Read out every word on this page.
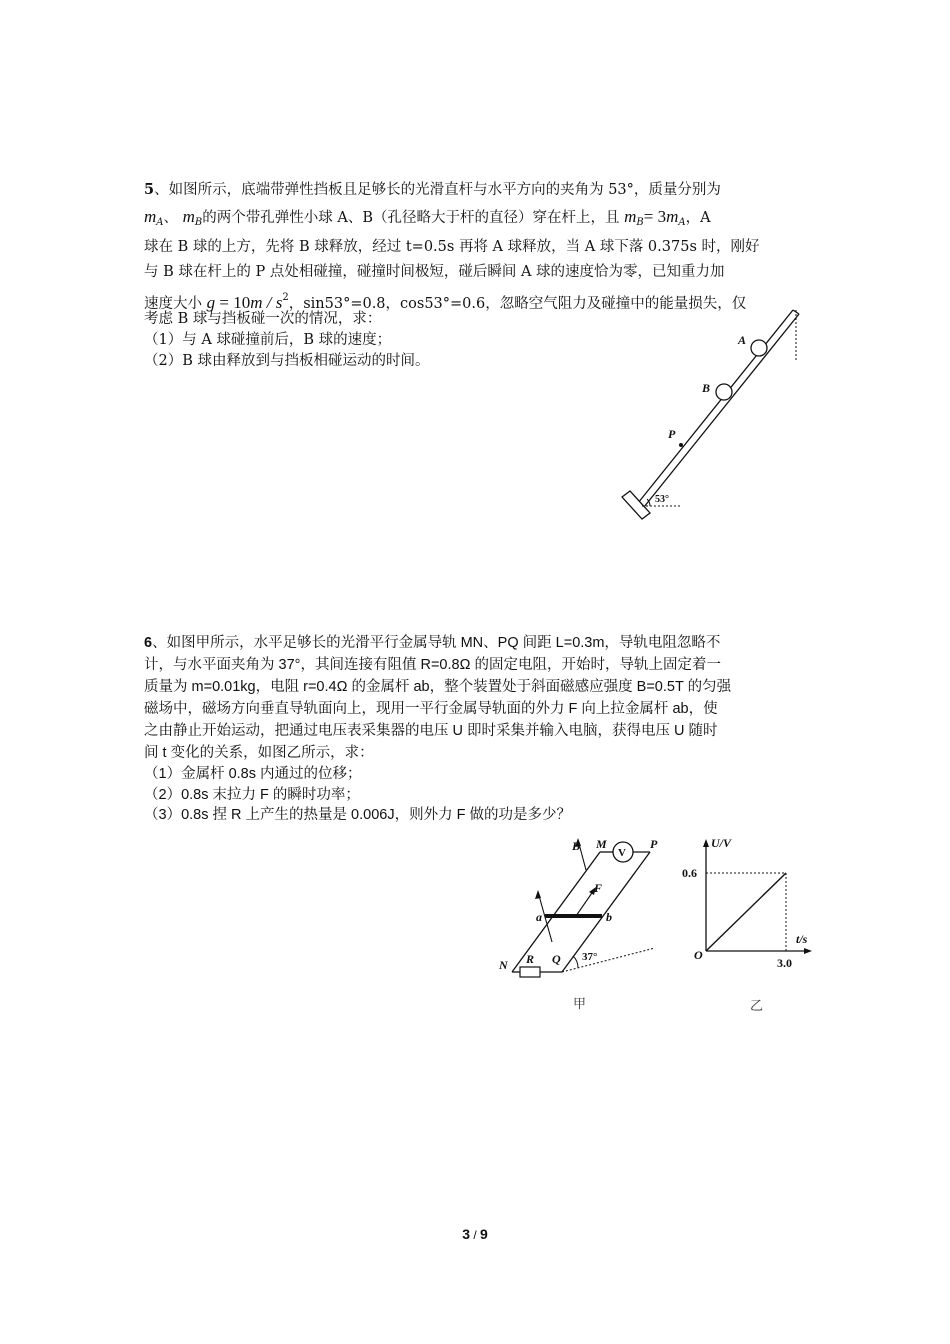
5、如图所示，底端带弹性挡板且足够长的光滑直杆与水平方向的夹角为 53°，质量分别为
$m_A$、 $m_B$的两个带孔弹性小球 A、B（孔径略大于杆的直径）穿在杆上，且 $m_B= 3m_A$，A
球在 B 球的上方，先将 B 球释放，经过 t=0.5s 再将 A 球释放，当 A 球下落 0.375s 时，刚好
与 B 球在杆上的 P 点处相碰撞，碰撞时间极短，碰后瞬间 A 球的速度恰为零，已知重力加
速度大小 $g = 10m / s^2$，sin53°=0.8，cos53°=0.6，忽略空气阻力及碰撞中的能量损失，仅
考虑 B 球与挡板碰一次的情况，求：
（1）与 A 球碰撞前后，B 球的速度；
（2）B 球由释放到与挡板相碰运动的时间。
A
B
P
53°
6、如图甲所示，水平足够长的光滑平行金属导轨 MN、PQ 间距 L=0.3m，导轨电阻忽略不
计，与水平面夹角为 37°，其间连接有阻值 R=0.8Ω 的固定电阻，开始时，导轨上固定着一
质量为 m=0.01kg，电阻 r=0.4Ω 的金属杆 ab，整个装置处于斜面磁感应强度 B=0.5T 的匀强
磁场中，磁场方向垂直导轨面向上，现用一平行金属导轨面的外力 F 向上拉金属杆 ab，使
之由静止开始运动，把通过电压表采集器的电压 U 即时采集并输入电脑，获得电压 U 随时
间 t 变化的关系，如图乙所示，求：
（1）金属杆 0.8s 内通过的位移；
（2）0.8s 末拉力 F 的瞬时功率；
（3）0.8s 捏 R 上产生的热量是 0.006J，则外力 F 做的功是多少？
V
B M	P
F
a	b
N R Q 37°
甲
U/V
t/s
O
0.6
3.0
乙
3 / 9
